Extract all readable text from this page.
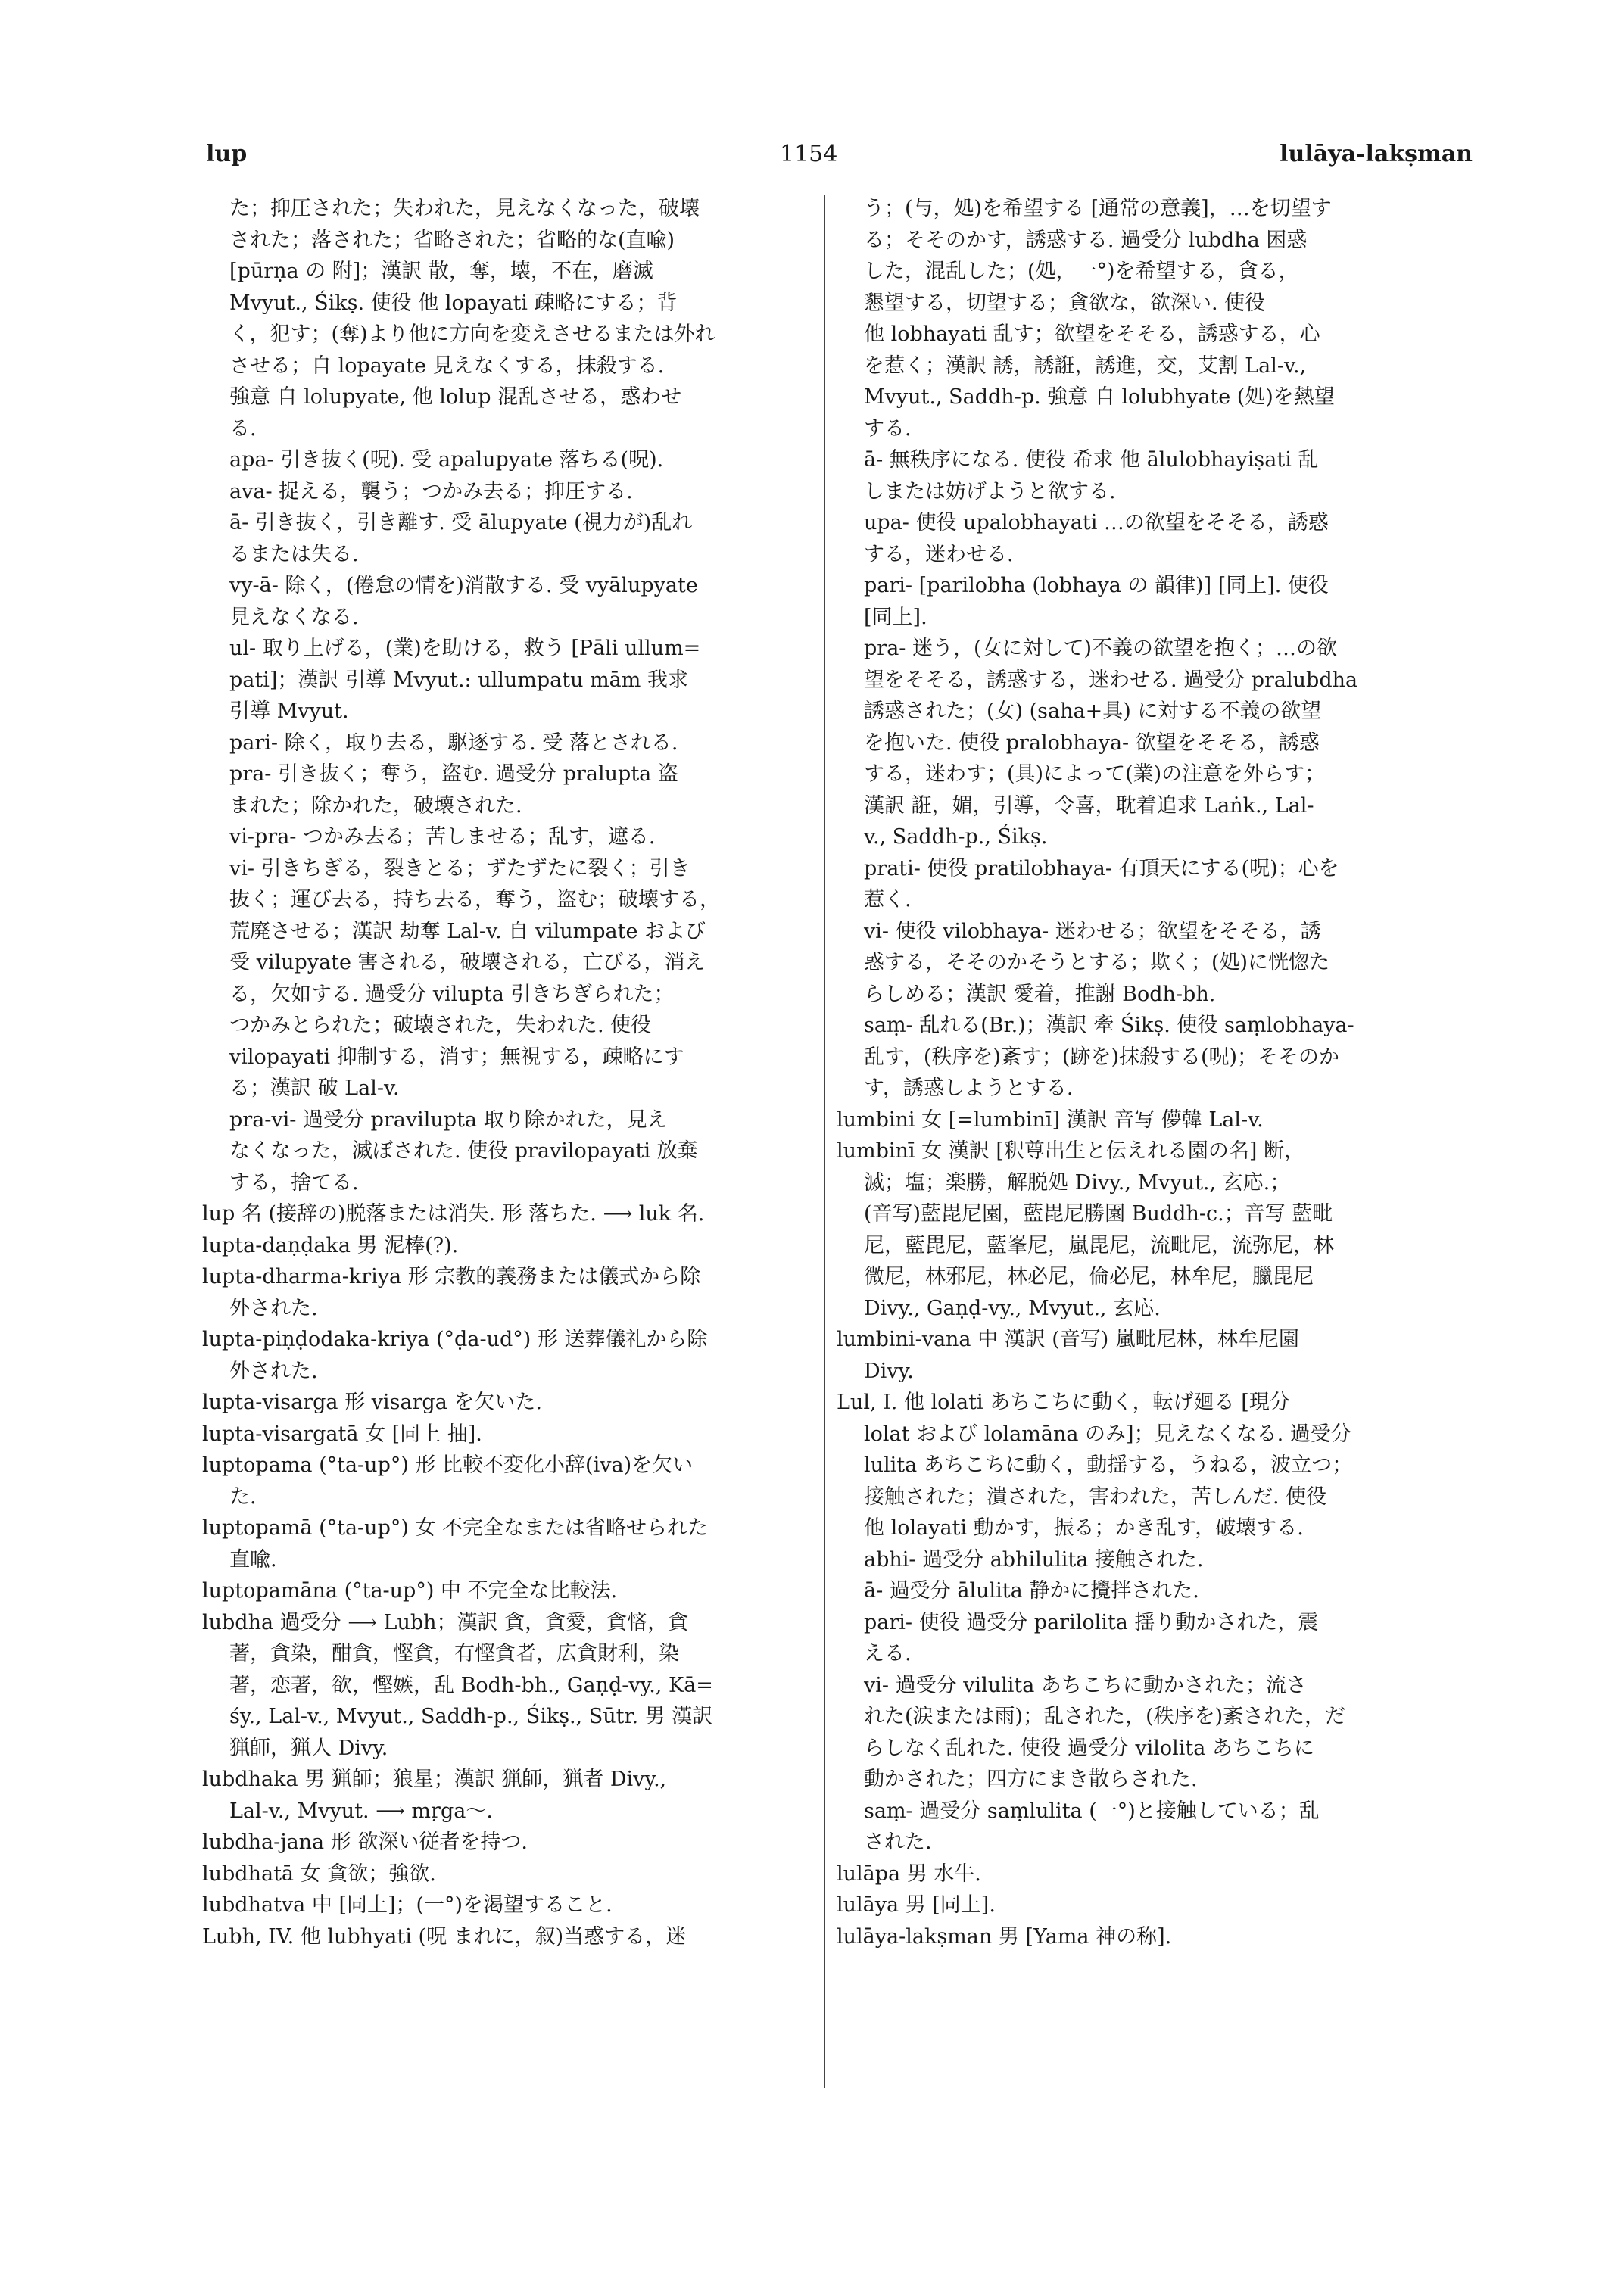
lup	1154	lulāya-lakṣman
た；抑圧された；失われた，見えなくなった，破壊
された；落された；省略された；省略的な(直喩)
[pūrṇa の 附]；漢訳 散，奪，壊，不在，磨滅
Mvyut., Śikṣ. 使役 他 lopayati 疎略にする；背
く，犯す；(奪)より他に方向を変えさせるまたは外れ
させる；自 lopayate 見えなくする，抹殺する.
強意 自 lolupyate, 他 lolup 混乱させる，惑わせ
る.
apa- 引き抜く(呪). 受 apalupyate 落ちる(呪).
ava- 捉える，襲う；つかみ去る；抑圧する.
ā- 引き抜く，引き離す. 受 ālupyate (視力が)乱れ
るまたは失る.
vy-ā- 除く，(倦怠の情を)消散する. 受 vyālupyate
見えなくなる.
ul- 取り上げる，(業)を助ける，救う [Pāli ullum=
pati]；漢訳 引導 Mvyut.: ullumpatu mām 我求
引導 Mvyut.
pari- 除く，取り去る，駆逐する. 受 落とされる.
pra- 引き抜く；奪う，盗む. 過受分 pralupta 盗
まれた；除かれた，破壊された.
vi-pra- つかみ去る；苦しませる；乱す，遮る.
vi- 引きちぎる，裂きとる；ずたずたに裂く；引き
抜く；運び去る，持ち去る，奪う，盗む；破壊する，
荒廃させる；漢訳 劫奪 Lal-v. 自 vilumpate および
受 vilupyate 害される，破壊される，亡びる，消え
る，欠如する. 過受分 vilupta 引きちぎられた；
つかみとられた；破壊された，失われた. 使役
vilopayati 抑制する，消す；無視する，疎略にす
る；漢訳 破 Lal-v.
pra-vi- 過受分 pravilupta 取り除かれた，見え
なくなった，滅ぼされた. 使役 pravilopayati 放棄
する，捨てる.
lup 名 (接辞の)脱落または消失. 形 落ちた. ⟶ luk 名.
lupta-daṇḍaka 男 泥棒(?).
lupta-dharma-kriya 形 宗教的義務または儀式から除
外された.
lupta-piṇḍodaka-kriya (°ḍa-ud°) 形 送葬儀礼から除
外された.
lupta-visarga 形 visarga を欠いた.
lupta-visargatā 女 [同上 抽].
luptopama (°ta-up°) 形 比較不変化小辞(iva)を欠い
た.
luptopamā (°ta-up°) 女 不完全なまたは省略せられた
直喩.
luptopamāna (°ta-up°) 中 不完全な比較法.
lubdha 過受分 ⟶ Lubh；漢訳 貪，貪愛，貪悋，貪
著，貪染，酣貪，慳貪，有慳貪者，広貪財利，染
著，恋著，欲，慳嫉，乱 Bodh-bh., Gaṇḍ-vy., Kā=
śy., Lal-v., Mvyut., Saddh-p., Śikṣ., Sūtr. 男 漢訳
猟師，猟人 Divy.
lubdhaka 男 猟師；狼星；漢訳 猟師，猟者 Divy.,
Lal-v., Mvyut. ⟶ mṛga～.
lubdha-jana 形 欲深い従者を持つ.
lubdhatā 女 貪欲；強欲.
lubdhatva 中 [同上]；(一°)を渇望すること.
Lubh, IV. 他 lubhyati (呪 まれに，叙)当惑する，迷
う；(与，処)を希望する [通常の意義]，…を切望す
る；そそのかす，誘惑する. 過受分 lubdha 困惑
した，混乱した；(処，一°)を希望する，貪る，
懇望する，切望する；貪欲な，欲深い. 使役
他 lobhayati 乱す；欲望をそそる，誘惑する，心
を惹く；漢訳 誘，誘誑，誘進，交，艾割 Lal-v.,
Mvyut., Saddh-p. 強意 自 lolubhyate (処)を熱望
する.
ā- 無秩序になる. 使役 希求 他 ālulobhayiṣati 乱
しまたは妨げようと欲する.
upa- 使役 upalobhayati …の欲望をそそる，誘惑
する，迷わせる.
pari- [parilobha (lobhaya の 韻律)] [同上]. 使役
[同上].
pra- 迷う，(女に対して)不義の欲望を抱く；…の欲
望をそそる，誘惑する，迷わせる. 過受分 pralubdha
誘惑された；(女) (saha+具) に対する不義の欲望
を抱いた. 使役 pralobhaya- 欲望をそそる，誘惑
する，迷わす；(具)によって(業)の注意を外らす；
漢訳 誑，媚，引導，令喜，耽着追求 Laṅk., Lal-
v., Saddh-p., Śikṣ.
prati- 使役 pratilobhaya- 有頂天にする(呪)；心を
惹く.
vi- 使役 vilobhaya- 迷わせる；欲望をそそる，誘
惑する，そそのかそうとする；欺く；(処)に恍惚た
らしめる；漢訳 愛着，推謝 Bodh-bh.
saṃ- 乱れる(Br.)；漢訳 牽 Śikṣ. 使役 saṃlobhaya-
乱す，(秩序を)紊す；(跡を)抹殺する(呪)；そそのか
す，誘惑しようとする.
lumbini 女 [=lumbinī] 漢訳 音写 儚韓 Lal-v.
lumbinī 女 漢訳 [釈尊出生と伝えれる園の名] 断，
滅；塩；楽勝，解脱処 Divy., Mvyut., 玄応.；
(音写)藍毘尼園，藍毘尼勝園 Buddh-c.；音写 藍毗
尼，藍毘尼，藍峯尼，嵐毘尼，流毗尼，流弥尼，林
微尼，林邪尼，林必尼，倫必尼，林牟尼，臘毘尼
Divy., Gaṇḍ-vy., Mvyut., 玄応.
lumbini-vana 中 漢訳 (音写) 嵐毗尼林，林牟尼園
Divy.
Lul, I. 他 lolati あちこちに動く，転げ廻る [現分
lolat および lolamāna のみ]；見えなくなる. 過受分
lulita あちこちに動く，動揺する，うねる，波立つ；
接触された；潰された，害われた，苦しんだ. 使役
他 lolayati 動かす，振る；かき乱す，破壊する.
abhi- 過受分 abhilulita 接触された.
ā- 過受分 ālulita 静かに攪拌された.
pari- 使役 過受分 parilolita 揺り動かされた，震
える.
vi- 過受分 vilulita あちこちに動かされた；流さ
れた(涙または雨)；乱された，(秩序を)紊された，だ
らしなく乱れた. 使役 過受分 vilolita あちこちに
動かされた；四方にまき散らされた.
saṃ- 過受分 saṃlulita (一°)と接触している；乱
された.
lulāpa 男 水牛.
lulāya 男 [同上].
lulāya-lakṣman 男 [Yama 神の称].
